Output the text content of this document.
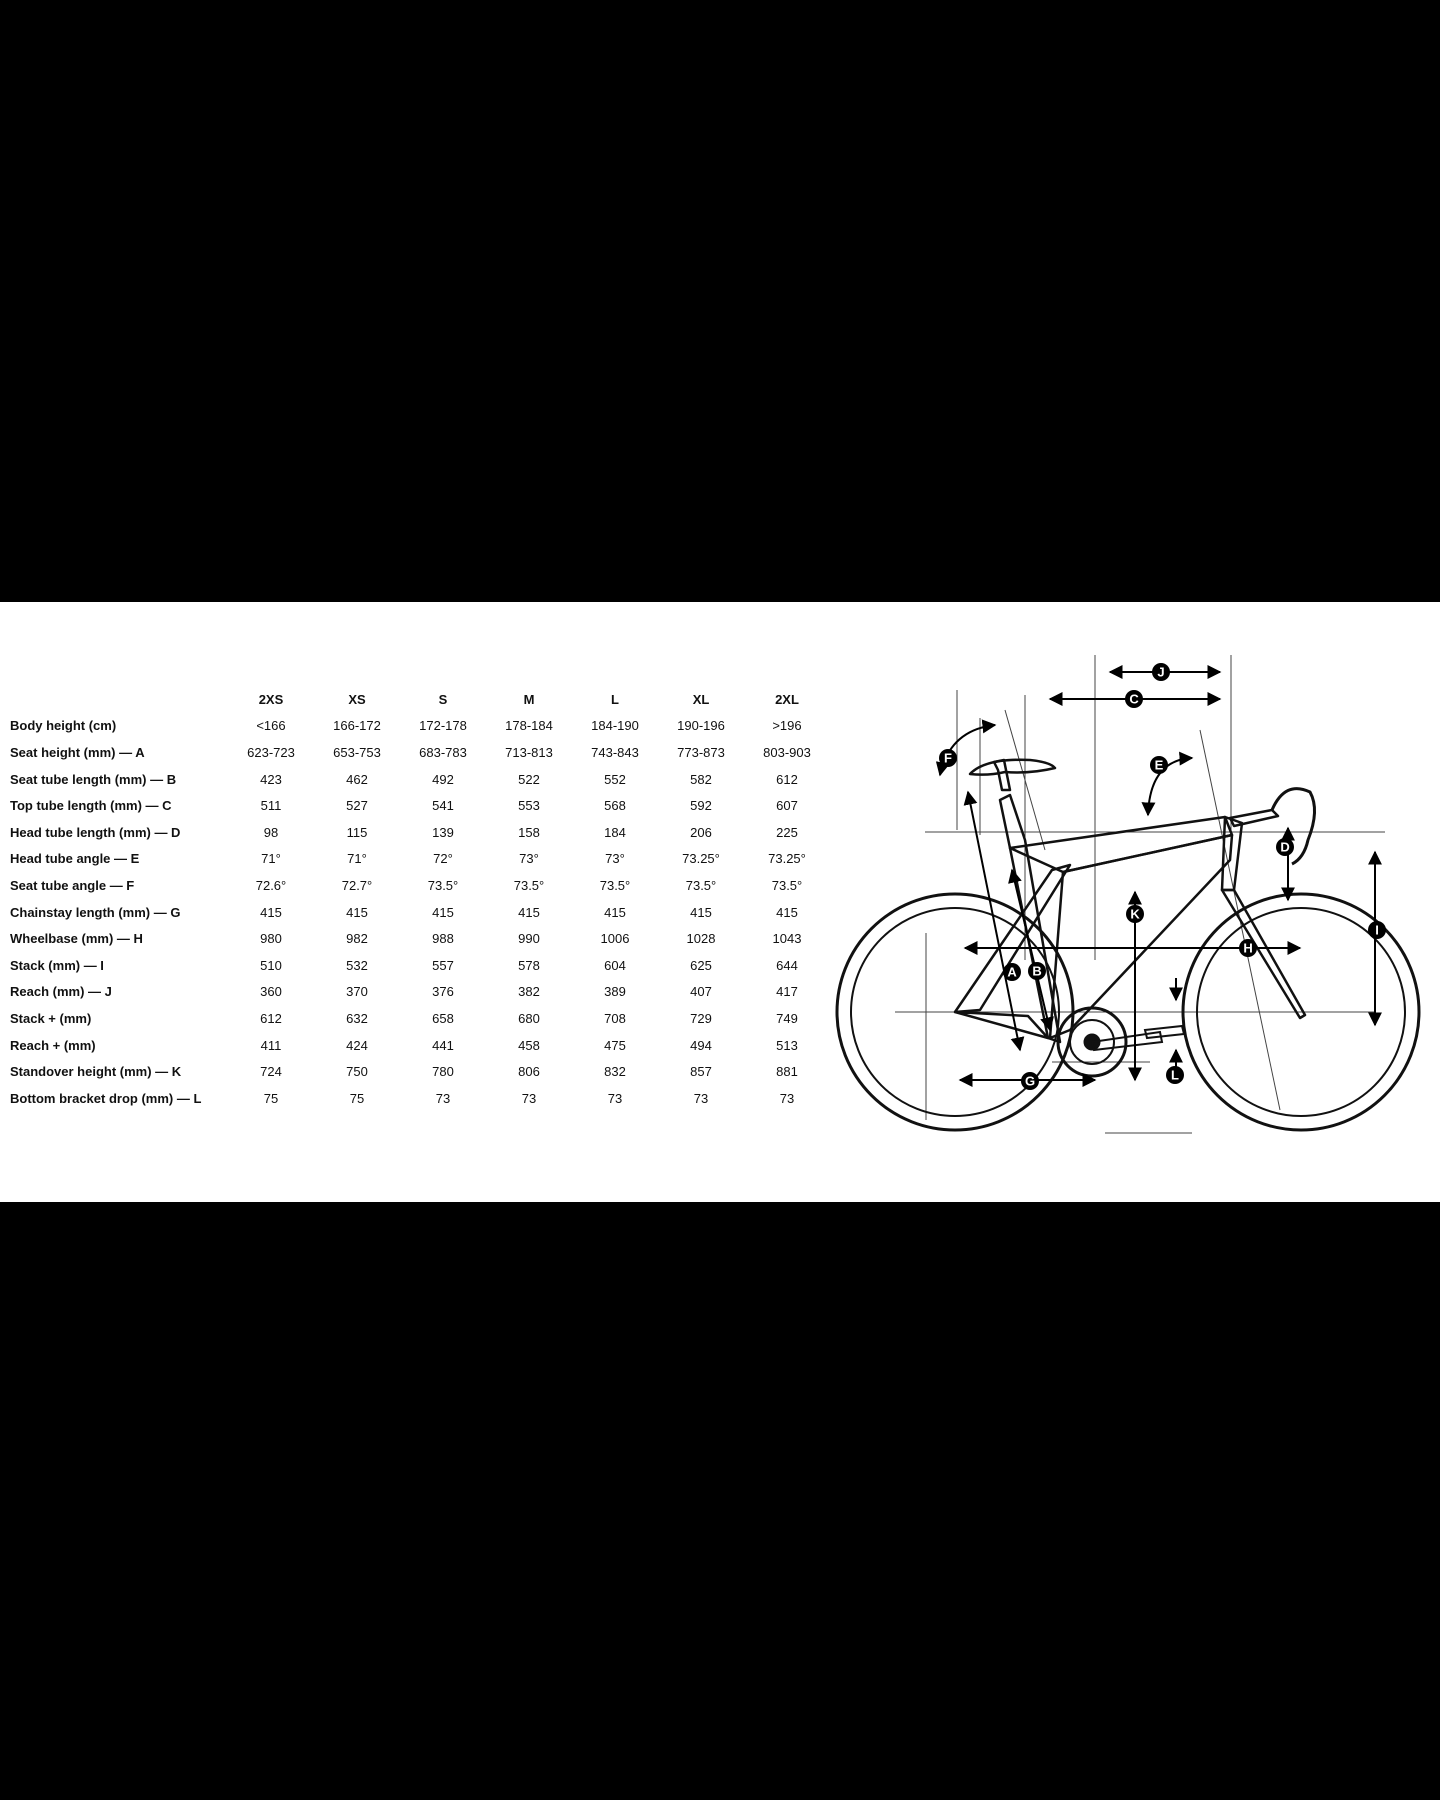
	2XS	XS	S	M	L	XL	2XL
Body height (cm)	<166	166-172	172-178	178-184	184-190	190-196	>196
Seat height (mm) — A	623-723	653-753	683-783	713-813	743-843	773-873	803-903
Seat tube length (mm) — B	423	462	492	522	552	582	612
Top tube length (mm) — C	511	527	541	553	568	592	607
Head tube length (mm) — D	98	115	139	158	184	206	225
Head tube angle — E	71°	71°	72°	73°	73°	73.25°	73.25°
Seat tube angle — F	72.6°	72.7°	73.5°	73.5°	73.5°	73.5°	73.5°
Chainstay length (mm) — G	415	415	415	415	415	415	415
Wheelbase (mm) — H	980	982	988	990	1006	1028	1043
Stack (mm) — I	510	532	557	578	604	625	644
Reach (mm) — J	360	370	376	382	389	407	417
Stack + (mm)	612	632	658	680	708	729	749
Reach + (mm)	411	424	441	458	475	494	513
Standover height (mm) — K	724	750	780	806	832	857	881
Bottom bracket drop (mm) — L	75	75	73	73	73	73	73
J
C
F	E
D
K
I
H
A B
G	L
